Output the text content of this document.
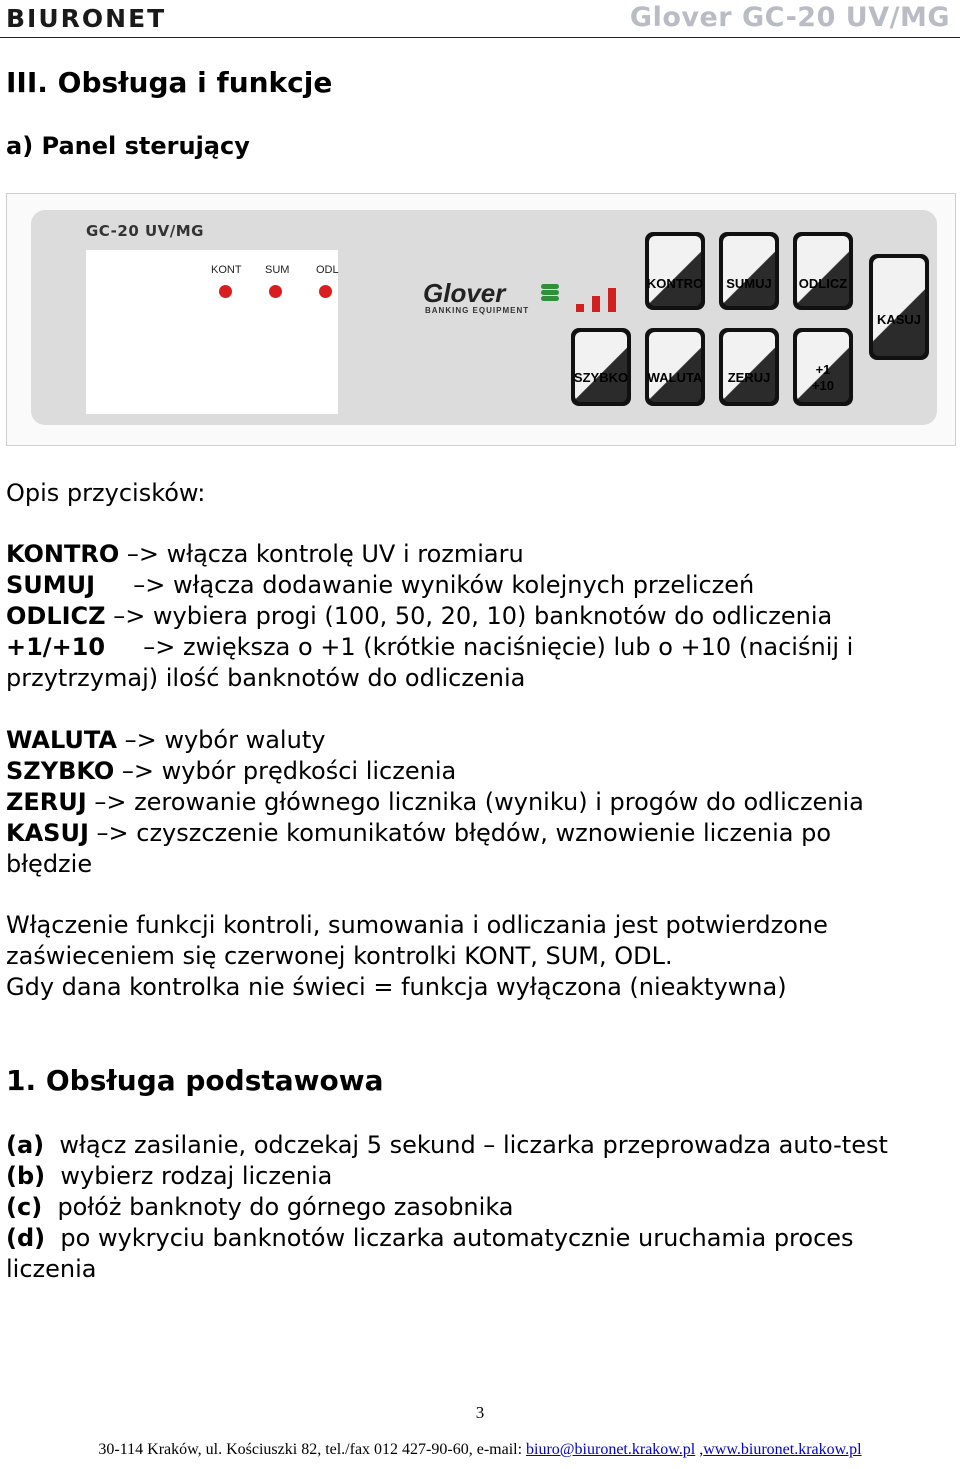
BIURONET	Glover GC-20 UV/MG
III. Obsługa i funkcje
a) Panel sterujący
GC-20 UV/MG
KONT SUM ODL
Glover
BANKING EQUIPMENT
KONTRO	SUMUJ	ODLICZ
KASUJ
SZYBKO WALUTA	ZERUJ
+1
+10
Opis przycisków:
KONTRO –> włącza kontrolę UV i rozmiaru
SUMUJ     –> włącza dodawanie wyników kolejnych przeliczeń
ODLICZ –> wybiera progi (100, 50, 20, 10) banknotów do odliczenia
+1/+10     –> zwiększa o +1 (krótkie naciśnięcie) lub o +10 (naciśnij i
przytrzymaj) ilość banknotów do odliczenia
WALUTA –> wybór waluty
SZYBKO –> wybór prędkości liczenia
ZERUJ –> zerowanie głównego licznika (wyniku) i progów do odliczenia
KASUJ –> czyszczenie komunikatów błędów, wznowienie liczenia po
błędzie
Włączenie funkcji kontroli, sumowania i odliczania jest potwierdzone
zaświeceniem się czerwonej kontrolki KONT, SUM, ODL.
Gdy dana kontrolka nie świeci = funkcja wyłączona (nieaktywna)
1. Obsługa podstawowa
(a) włącz zasilanie, odczekaj 5 sekund – liczarka przeprowadza auto-test
(b) wybierz rodzaj liczenia
(c) połóż banknoty do górnego zasobnika
(d) po wykryciu banknotów liczarka automatycznie uruchamia proces
liczenia
3
30-114 Kraków, ul. Kościuszki 82, tel./fax 012 427-90-60, e-mail: biuro@biuronet.krakow.pl ,www.biuronet.krakow.pl
